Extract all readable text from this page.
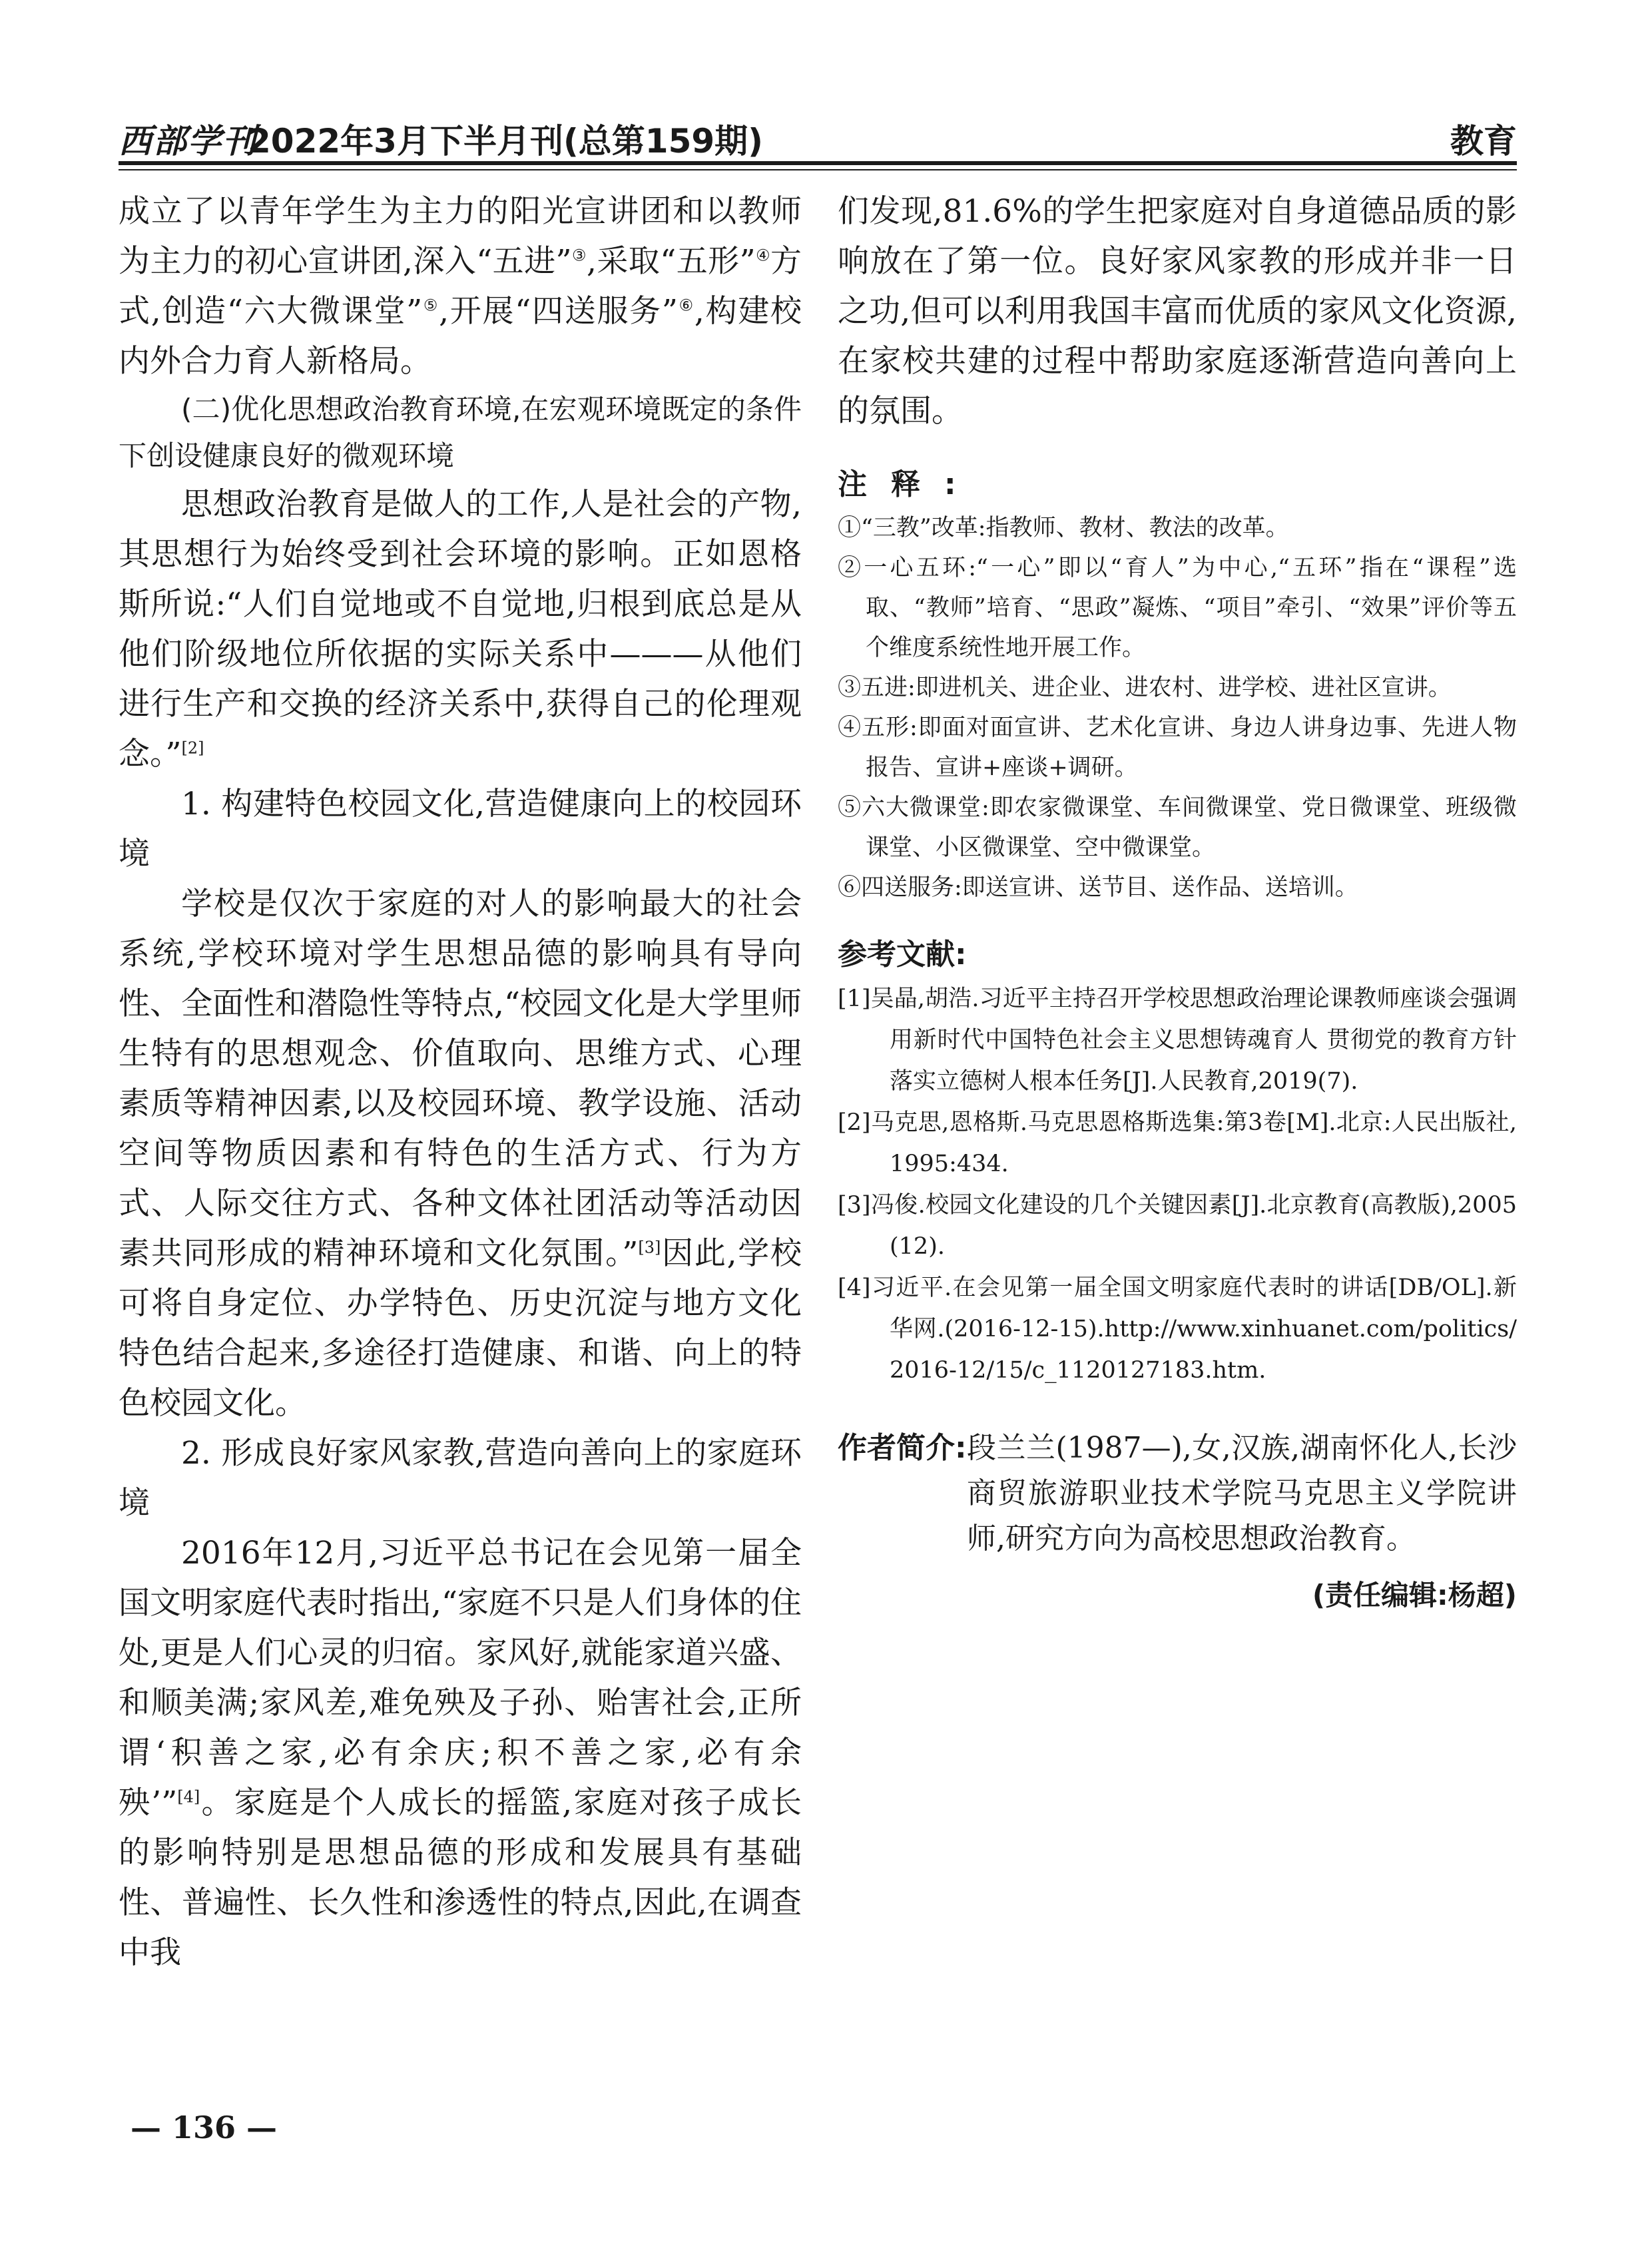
西部学刊
2022年3月下半月刊(总第159期)	教育

成立了以青年学生为主力的阳光宣讲团和以教师为主力的初心宣讲团,深入“五进”③,采取“五形”④方式,创造“六大微课堂”⑤,开展“四送服务”⑥,构建校内外合力育人新格局。

(二)优化思想政治教育环境,在宏观环境既定的条件下创设健康良好的微观环境

思想政治教育是做人的工作,人是社会的产物,其思想行为始终受到社会环境的影响。正如恩格斯所说:“人们自觉地或不自觉地,归根到底总是从他们阶级地位所依据的实际关系中———从他们进行生产和交换的经济关系中,获得自己的伦理观念。”[2]

1. 构建特色校园文化,营造健康向上的校园环境

学校是仅次于家庭的对人的影响最大的社会系统,学校环境对学生思想品德的影响具有导向性、全面性和潜隐性等特点,“校园文化是大学里师生特有的思想观念、价值取向、思维方式、心理素质等精神因素,以及校园环境、教学设施、活动空间等物质因素和有特色的生活方式、行为方式、人际交往方式、各种文体社团活动等活动因素共同形成的精神环境和文化氛围。”[3]因此,学校可将自身定位、办学特色、历史沉淀与地方文化特色结合起来,多途径打造健康、和谐、向上的特色校园文化。

2. 形成良好家风家教,营造向善向上的家庭环境

2016年12月,习近平总书记在会见第一届全国文明家庭代表时指出,“家庭不只是人们身体的住处,更是人们心灵的归宿。家风好,就能家道兴盛、和顺美满;家风差,难免殃及子孙、贻害社会,正所谓‘积善之家,必有余庆;积不善之家,必有余殃’”[4]。家庭是个人成长的摇篮,家庭对孩子成长的影响特别是思想品德的形成和发展具有基础性、普遍性、长久性和渗透性的特点,因此,在调查中我

们发现,81.6%的学生把家庭对自身道德品质的影响放在了第一位。良好家风家教的形成并非一日之功,但可以利用我国丰富而优质的家风文化资源,在家校共建的过程中帮助家庭逐渐营造向善向上的氛围。

注释:

①“三教”改革:指教师、教材、教法的改革。

②一心五环:“一心”即以“育人”为中心,“五环”指在“课程”选取、“教师”培育、“思政”凝炼、“项目”牵引、“效果”评价等五个维度系统性地开展工作。

③五进:即进机关、进企业、进农村、进学校、进社区宣讲。

④五形:即面对面宣讲、艺术化宣讲、身边人讲身边事、先进人物报告、宣讲+座谈+调研。

⑤六大微课堂:即农家微课堂、车间微课堂、党日微课堂、班级微课堂、小区微课堂、空中微课堂。

⑥四送服务:即送宣讲、送节目、送作品、送培训。

参考文献:

[1]吴晶,胡浩.习近平主持召开学校思想政治理论课教师座谈会强调 用新时代中国特色社会主义思想铸魂育人 贯彻党的教育方针落实立德树人根本任务[J].人民教育,2019(7).

[2]马克思,恩格斯.马克思恩格斯选集:第3卷[M].北京:人民出版社,1995:434.

[3]冯俊.校园文化建设的几个关键因素[J].北京教育(高教版),2005(12).

[4]习近平.在会见第一届全国文明家庭代表时的讲话[DB/OL].新华网.(2016-12-15).http://www.xinhuanet.com/politics/2016-12/15/c_1120127183.htm.

作者简介: 段兰兰(1987—),女,汉族,湖南怀化人,长沙商贸旅游职业技术学院马克思主义学院讲师,研究方向为高校思想政治教育。

(责任编辑:杨超)
— 136 —
